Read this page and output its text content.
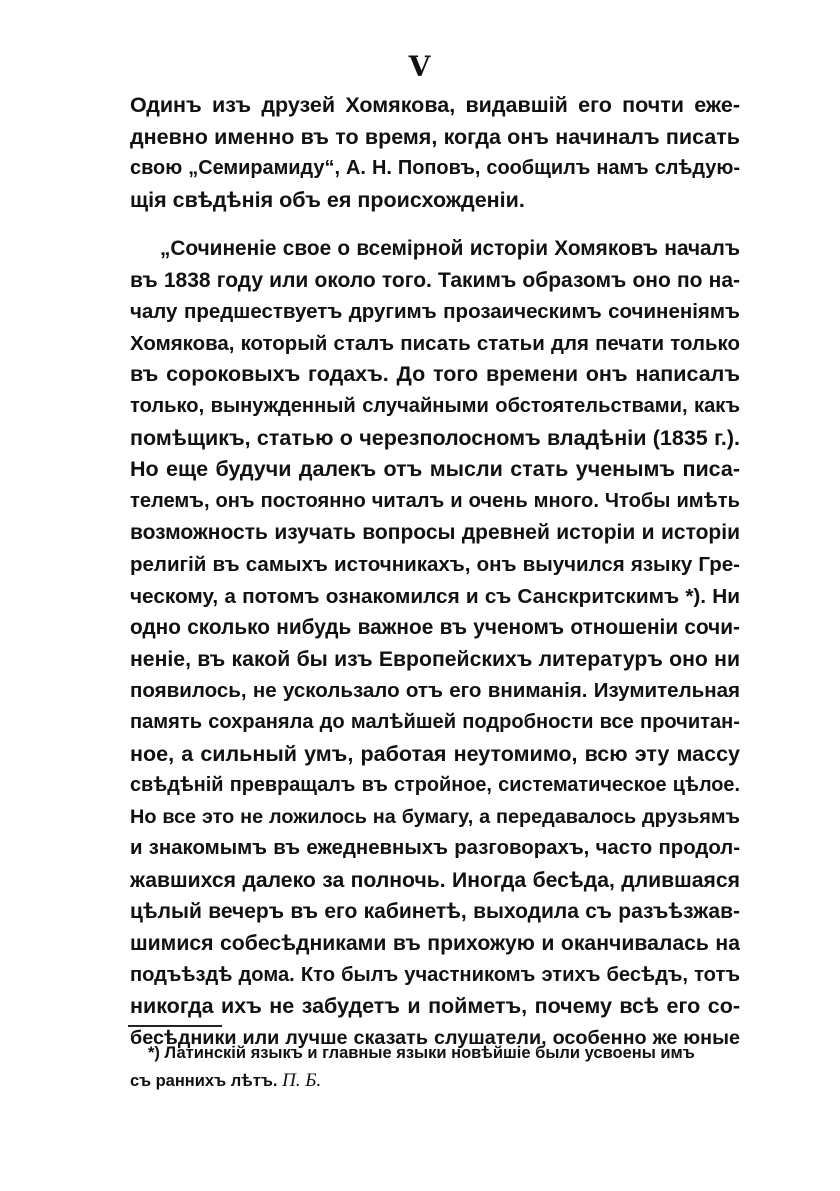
V
Одинъ изъ друзей Хомякова, видавшій его почти еже-
дневно именно въ то время, когда онъ начиналъ писать
свою „Семирамиду“, А. Н. Поповъ, сообщилъ намъ слѣдую-
щія свѣдѣнія объ ея происхожденіи.
„Сочиненіе свое о всемірной исторіи Хомяковъ началъ
въ 1838 году или около того. Такимъ образомъ оно по на-
чалу предшествуетъ другимъ прозаическимъ сочиненіямъ
Хомякова, который сталъ писать статьи для печати только
въ сороковыхъ годахъ. До того времени онъ написалъ
только, вынужденный случайными обстоятельствами, какъ
помѣщикъ, статью о черезполосномъ владѣніи (1835 г.).
Но еще будучи далекъ отъ мысли стать ученымъ писа-
телемъ, онъ постоянно читалъ и очень много. Чтобы имѣть
возможность изучать вопросы древней исторіи и исторіи
религій въ самыхъ источникахъ, онъ выучился языку Гре-
ческому, а потомъ ознакомился и съ Санскритскимъ *). Ни
одно сколько нибудь важное въ ученомъ отношеніи сочи-
неніе, въ какой бы изъ Европейскихъ литературъ оно ни
появилось, не ускользало отъ его вниманія. Изумительная
память сохраняла до малѣйшей подробности все прочитан-
ное, а сильный умъ, работая неутомимо, всю эту массу
свѣдѣній превращалъ въ стройное, систематическое цѣлое.
Но все это не ложилось на бумагу, а передавалось друзьямъ
и знакомымъ въ ежедневныхъ разговорахъ, часто продол-
жавшихся далеко за полночь. Иногда бесѣда, длившаяся
цѣлый вечеръ въ его кабинетѣ, выходила съ разъѣзжав-
шимися собесѣдниками въ прихожую и оканчивалась на
подъѣздѣ дома. Кто былъ участникомъ этихъ бесѣдъ, тотъ
никогда ихъ не забудетъ и пойметъ, почему всѣ его со-
бесѣдники или лучше сказать слушатели, особенно же юные
*) Латинскій языкъ и главные языки новѣйшіе были усвоены имъ
съ раннихъ лѣтъ. П. Б.
